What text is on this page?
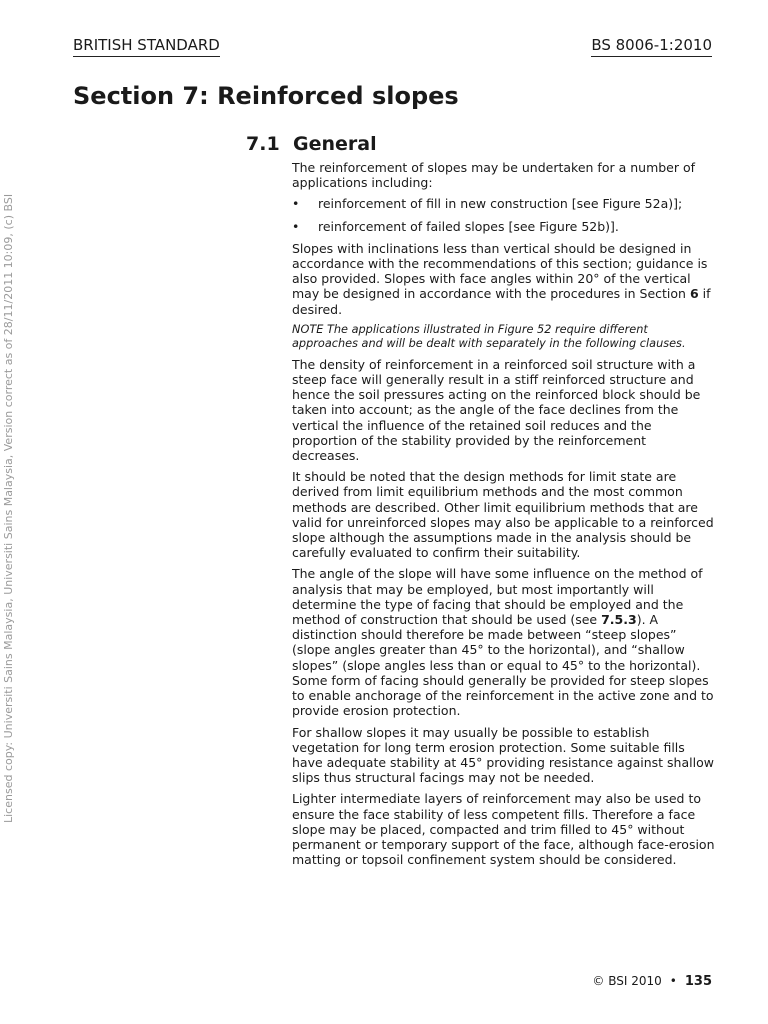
BRITISH STANDARD	BS 8006-1:2010
Section 7: Reinforced slopes
7.1 General

The reinforcement of slopes may be undertaken for a number of applications including:

• reinforcement of fill in new construction [see Figure 52a)];
• reinforcement of failed slopes [see Figure 52b)].

Slopes with inclinations less than vertical should be designed in accordance with the recommendations of this section; guidance is also provided. Slopes with face angles within 20° of the vertical may be designed in accordance with the procedures in Section 6 if desired.

NOTE The applications illustrated in Figure 52 require different approaches and will be dealt with separately in the following clauses.

The density of reinforcement in a reinforced soil structure with a steep face will generally result in a stiff reinforced structure and hence the soil pressures acting on the reinforced block should be taken into account; as the angle of the face declines from the vertical the influence of the retained soil reduces and the proportion of the stability provided by the reinforcement decreases.

It should be noted that the design methods for limit state are derived from limit equilibrium methods and the most common methods are described. Other limit equilibrium methods that are valid for unreinforced slopes may also be applicable to a reinforced slope although the assumptions made in the analysis should be carefully evaluated to confirm their suitability.

The angle of the slope will have some influence on the method of analysis that may be employed, but most importantly will determine the type of facing that should be employed and the method of construction that should be used (see 7.5.3). A distinction should therefore be made between “steep slopes” (slope angles greater than 45° to the horizontal), and “shallow slopes” (slope angles less than or equal to 45° to the horizontal). Some form of facing should generally be provided for steep slopes to enable anchorage of the reinforcement in the active zone and to provide erosion protection.

For shallow slopes it may usually be possible to establish vegetation for long term erosion protection. Some suitable fills have adequate stability at 45° providing resistance against shallow slips thus structural facings may not be needed.

Lighter intermediate layers of reinforcement may also be used to ensure the face stability of less competent fills. Therefore a face slope may be placed, compacted and trim filled to 45° without permanent or temporary support of the face, although face-erosion matting or topsoil confinement system should be considered.

Licensed copy: Universiti Sains Malaysia, Universiti Sains Malaysia, Version correct as of 28/11/2011 10:09, (c) BSI
© BSI 2010 • 135
